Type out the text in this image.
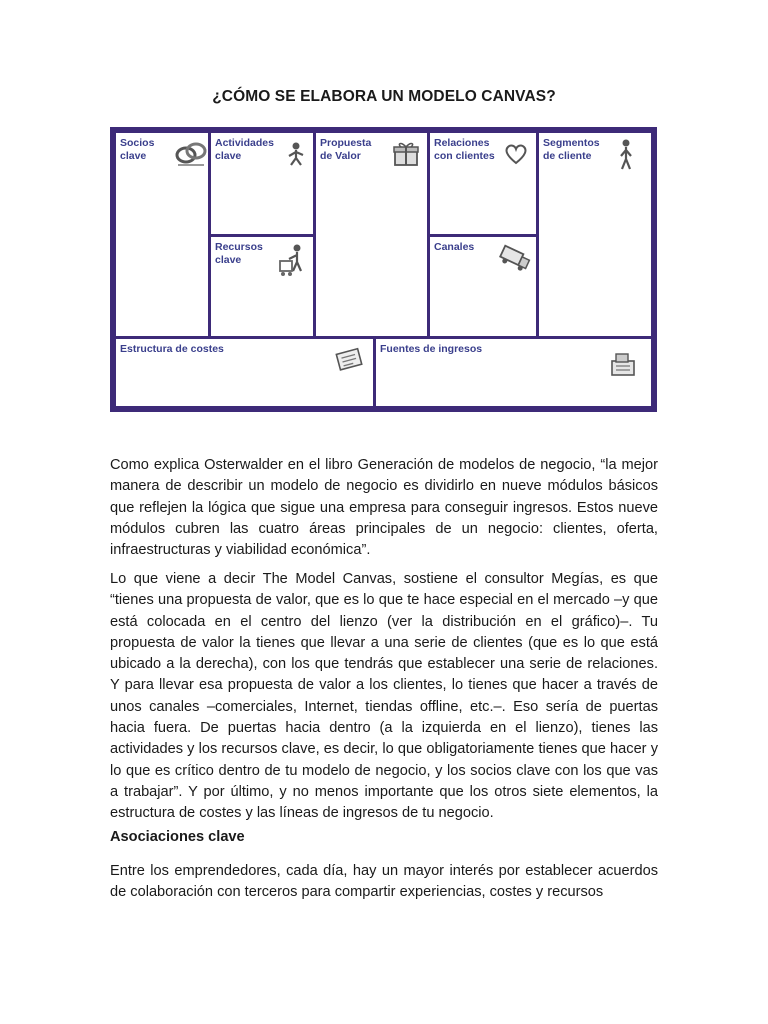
¿CÓMO SE ELABORA UN MODELO CANVAS?
Socios
clave
Actividades
clave
Recursos
clave
Propuesta
de Valor
Relaciones
con clientes
Canales
Segmentos
de cliente
Estructura de costes	Fuentes de ingresos
Como explica Osterwalder en el libro Generación de modelos de negocio, “la mejor manera de describir un modelo de negocio es dividirlo en nueve módulos básicos que reflejen la lógica que sigue una empresa para conseguir ingresos. Estos nueve módulos cubren las cuatro áreas principales de un negocio: clientes, oferta, infraestructuras y viabilidad económica”.
Lo que viene a decir The Model Canvas, sostiene el consultor Megías, es que “tienes una propuesta de valor, que es lo que te hace especial en el mercado –y que está colocada en el centro del lienzo (ver la distribución en el gráfico)–. Tu propuesta de valor la tienes que llevar a una serie de clientes (que es lo que está ubicado a la derecha), con los que tendrás que establecer una serie de relaciones. Y para llevar esa propuesta de valor a los clientes, lo tienes que hacer a través de unos canales –comerciales, Internet, tiendas offline, etc.–. Eso sería de puertas hacia fuera. De puertas hacia dentro (a la izquierda en el lienzo), tienes las actividades y los recursos clave, es decir, lo que obligatoriamente tienes que hacer y lo que es crítico dentro de tu modelo de negocio, y los socios clave con los que vas a trabajar”. Y por último, y no menos importante que los otros siete elementos, la estructura de costes y las líneas de ingresos de tu negocio.
Asociaciones clave
Entre los emprendedores, cada día, hay un mayor interés por establecer acuerdos de colaboración con terceros para compartir experiencias, costes y recursos
